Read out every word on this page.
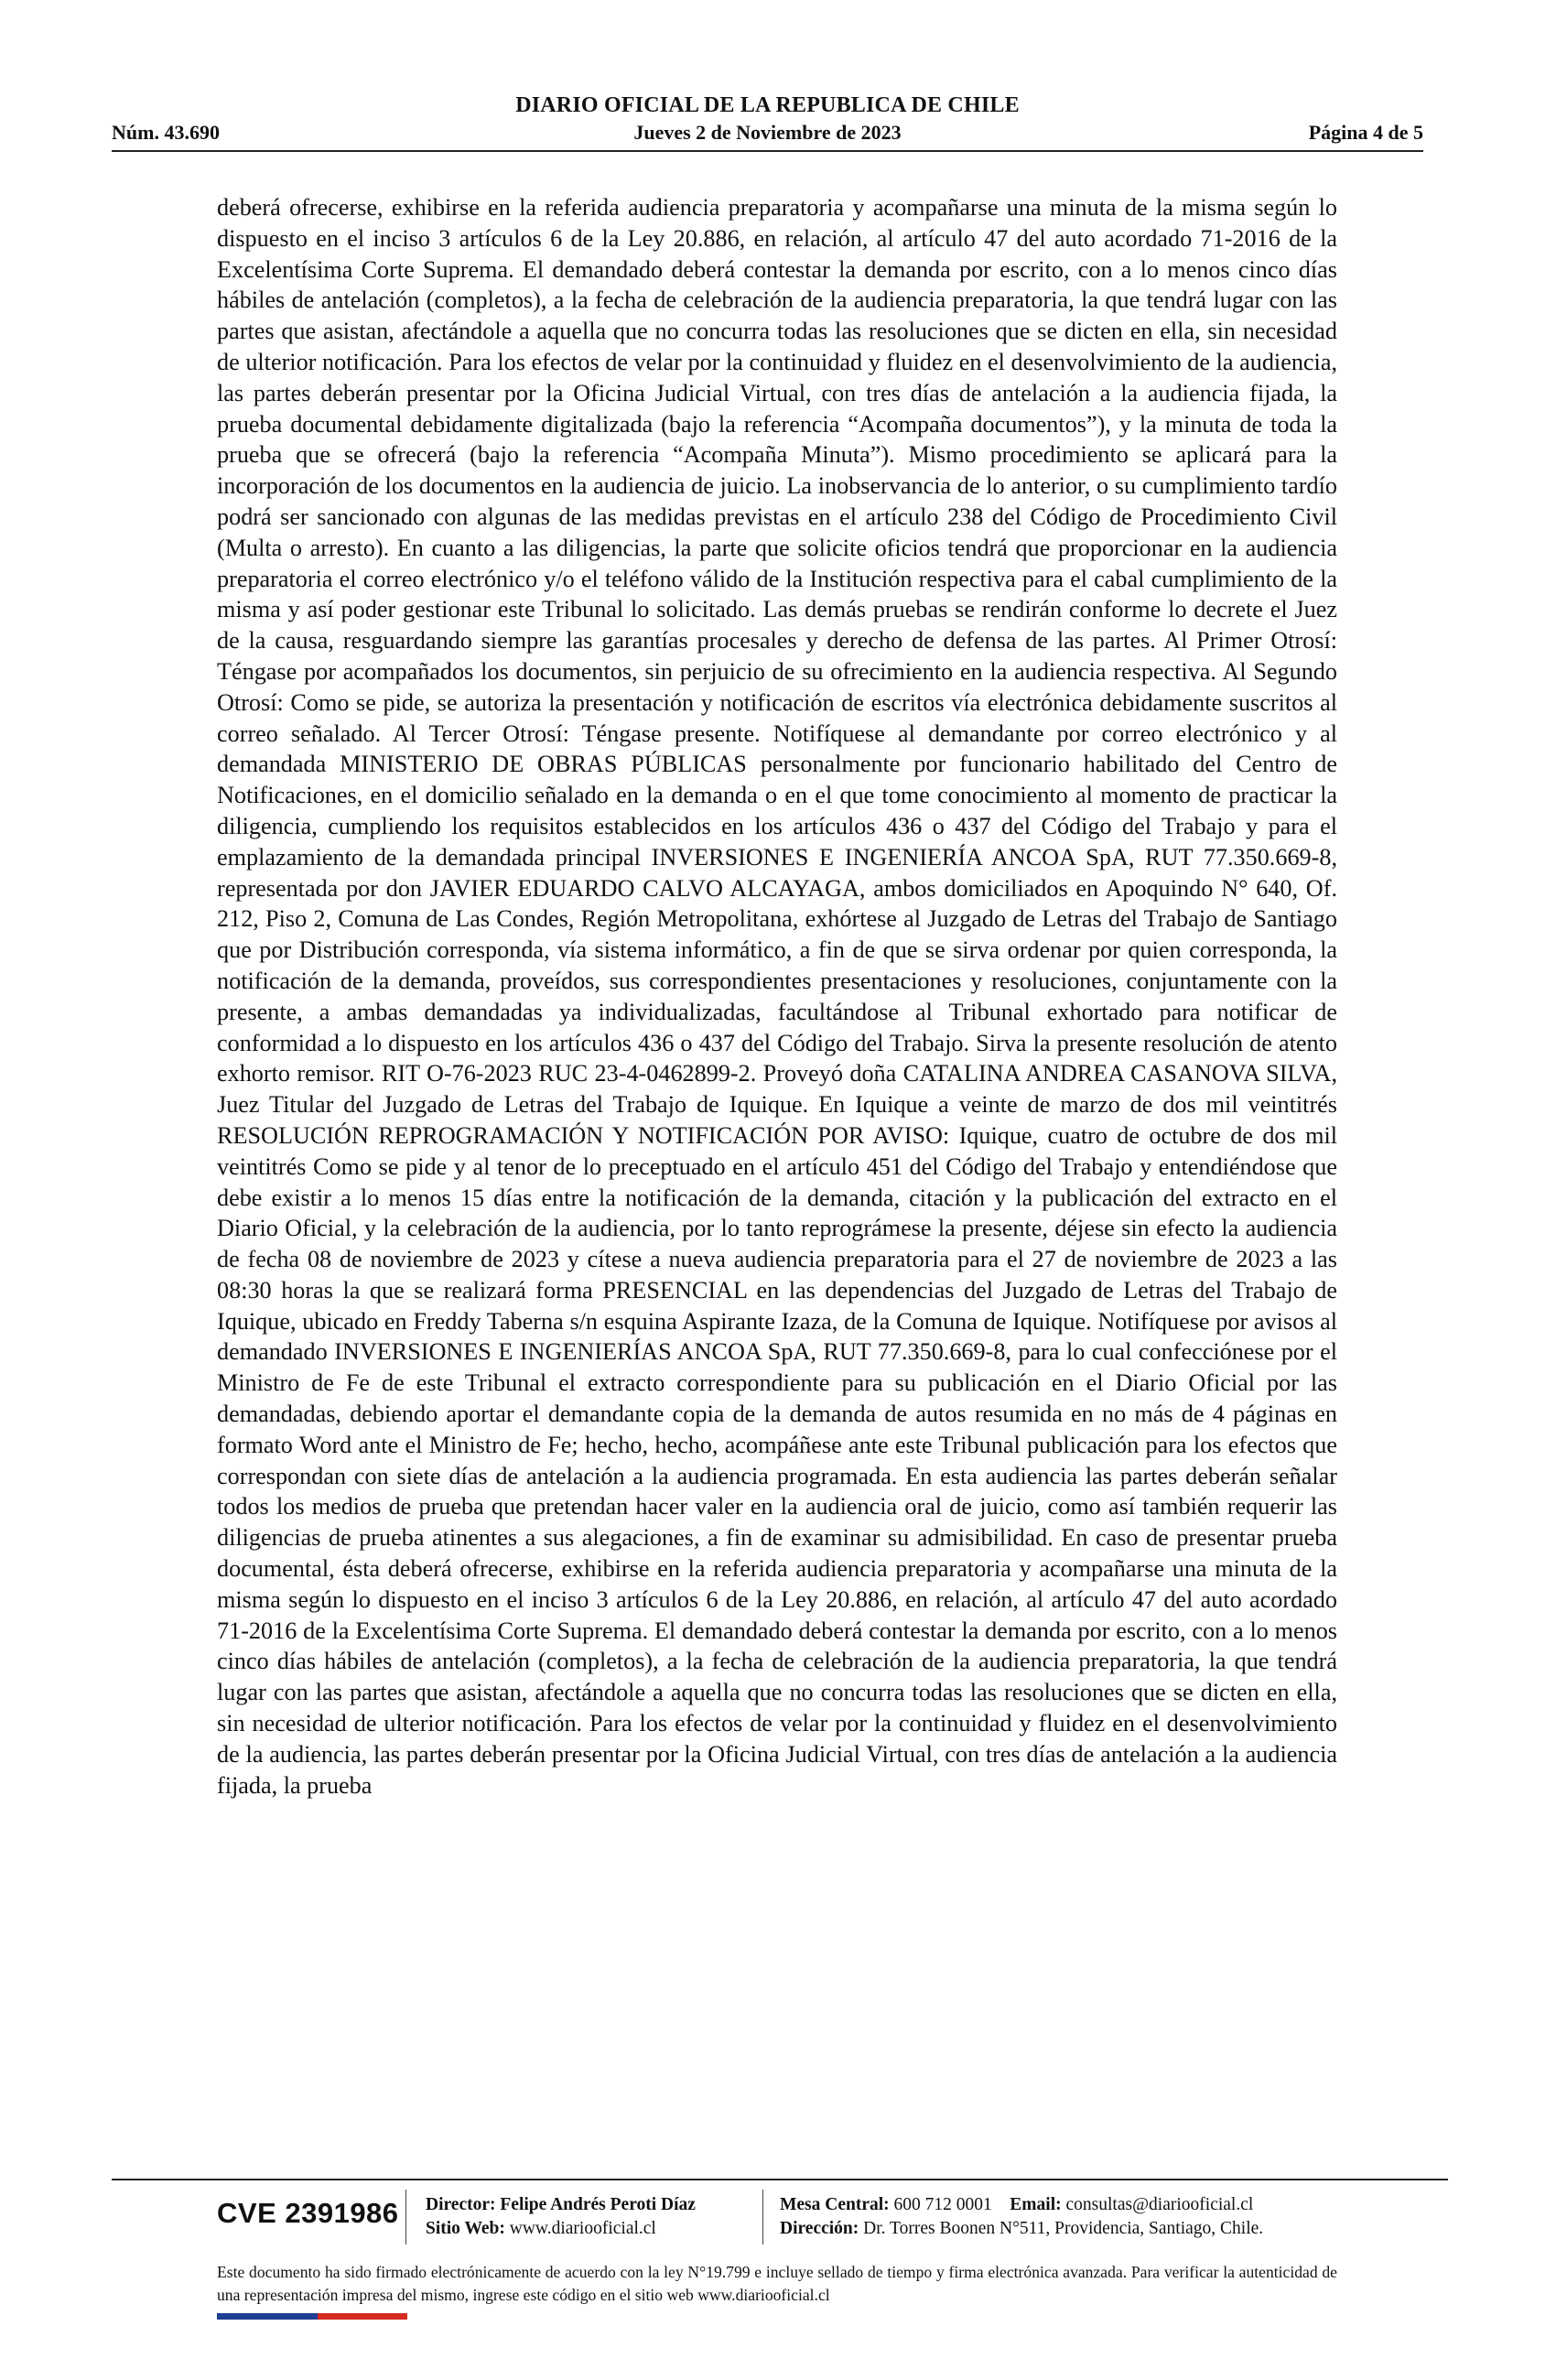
DIARIO OFICIAL DE LA REPUBLICA DE CHILE
Núm. 43.690	Jueves 2 de Noviembre de 2023	Página 4 de 5
deberá ofrecerse, exhibirse en la referida audiencia preparatoria y acompañarse una minuta de la misma según lo dispuesto en el inciso 3 artículos 6 de la Ley 20.886, en relación, al artículo 47 del auto acordado 71-2016 de la Excelentísima Corte Suprema. El demandado deberá contestar la demanda por escrito, con a lo menos cinco días hábiles de antelación (completos), a la fecha de celebración de la audiencia preparatoria, la que tendrá lugar con las partes que asistan, afectándole a aquella que no concurra todas las resoluciones que se dicten en ella, sin necesidad de ulterior notificación. Para los efectos de velar por la continuidad y fluidez en el desenvolvimiento de la audiencia, las partes deberán presentar por la Oficina Judicial Virtual, con tres días de antelación a la audiencia fijada, la prueba documental debidamente digitalizada (bajo la referencia “Acompaña documentos”), y la minuta de toda la prueba que se ofrecerá (bajo la referencia “Acompaña Minuta”). Mismo procedimiento se aplicará para la incorporación de los documentos en la audiencia de juicio. La inobservancia de lo anterior, o su cumplimiento tardío podrá ser sancionado con algunas de las medidas previstas en el artículo 238 del Código de Procedimiento Civil (Multa o arresto). En cuanto a las diligencias, la parte que solicite oficios tendrá que proporcionar en la audiencia preparatoria el correo electrónico y/o el teléfono válido de la Institución respectiva para el cabal cumplimiento de la misma y así poder gestionar este Tribunal lo solicitado. Las demás pruebas se rendirán conforme lo decrete el Juez de la causa, resguardando siempre las garantías procesales y derecho de defensa de las partes. Al Primer Otrosí: Téngase por acompañados los documentos, sin perjuicio de su ofrecimiento en la audiencia respectiva. Al Segundo Otrosí: Como se pide, se autoriza la presentación y notificación de escritos vía electrónica debidamente suscritos al correo señalado. Al Tercer Otrosí: Téngase presente. Notifíquese al demandante por correo electrónico y al demandada MINISTERIO DE OBRAS PÚBLICAS personalmente por funcionario habilitado del Centro de Notificaciones, en el domicilio señalado en la demanda o en el que tome conocimiento al momento de practicar la diligencia, cumpliendo los requisitos establecidos en los artículos 436 o 437 del Código del Trabajo y para el emplazamiento de la demandada principal INVERSIONES E INGENIERÍA ANCOA SpA, RUT 77.350.669-8, representada por don JAVIER EDUARDO CALVO ALCAYAGA, ambos domiciliados en Apoquindo N° 640, Of. 212, Piso 2, Comuna de Las Condes, Región Metropolitana, exhórtese al Juzgado de Letras del Trabajo de Santiago que por Distribución corresponda, vía sistema informático, a fin de que se sirva ordenar por quien corresponda, la notificación de la demanda, proveídos, sus correspondientes presentaciones y resoluciones, conjuntamente con la presente, a ambas demandadas ya individualizadas, facultándose al Tribunal exhortado para notificar de conformidad a lo dispuesto en los artículos 436 o 437 del Código del Trabajo. Sirva la presente resolución de atento exhorto remisor. RIT O-76-2023 RUC 23-4-0462899-2. Proveyó doña CATALINA ANDREA CASANOVA SILVA, Juez Titular del Juzgado de Letras del Trabajo de Iquique. En Iquique a veinte de marzo de dos mil veintitrés RESOLUCIÓN REPROGRAMACIÓN Y NOTIFICACIÓN POR AVISO: Iquique, cuatro de octubre de dos mil veintitrés Como se pide y al tenor de lo preceptuado en el artículo 451 del Código del Trabajo y entendiéndose que debe existir a lo menos 15 días entre la notificación de la demanda, citación y la publicación del extracto en el Diario Oficial, y la celebración de la audiencia, por lo tanto reprográmese la presente, déjese sin efecto la audiencia de fecha 08 de noviembre de 2023 y cítese a nueva audiencia preparatoria para el 27 de noviembre de 2023 a las 08:30 horas la que se realizará forma PRESENCIAL en las dependencias del Juzgado de Letras del Trabajo de Iquique, ubicado en Freddy Taberna s/n esquina Aspirante Izaza, de la Comuna de Iquique. Notifíquese por avisos al demandado INVERSIONES E INGENIERÍAS ANCOA SpA, RUT 77.350.669-8, para lo cual confecciónese por el Ministro de Fe de este Tribunal el extracto correspondiente para su publicación en el Diario Oficial por las demandadas, debiendo aportar el demandante copia de la demanda de autos resumida en no más de 4 páginas en formato Word ante el Ministro de Fe; hecho, hecho, acompáñese ante este Tribunal publicación para los efectos que correspondan con siete días de antelación a la audiencia programada. En esta audiencia las partes deberán señalar todos los medios de prueba que pretendan hacer valer en la audiencia oral de juicio, como así también requerir las diligencias de prueba atinentes a sus alegaciones, a fin de examinar su admisibilidad. En caso de presentar prueba documental, ésta deberá ofrecerse, exhibirse en la referida audiencia preparatoria y acompañarse una minuta de la misma según lo dispuesto en el inciso 3 artículos 6 de la Ley 20.886, en relación, al artículo 47 del auto acordado 71-2016 de la Excelentísima Corte Suprema. El demandado deberá contestar la demanda por escrito, con a lo menos cinco días hábiles de antelación (completos), a la fecha de celebración de la audiencia preparatoria, la que tendrá lugar con las partes que asistan, afectándole a aquella que no concurra todas las resoluciones que se dicten en ella, sin necesidad de ulterior notificación. Para los efectos de velar por la continuidad y fluidez en el desenvolvimiento de la audiencia, las partes deberán presentar por la Oficina Judicial Virtual, con tres días de antelación a la audiencia fijada, la prueba
CVE 2391986 Director: Felipe Andrés Peroti Díaz
Sitio Web: www.diariooficial.cl
Mesa Central: 600 712 0001 Email: consultas@diariooficial.cl
Dirección: Dr. Torres Boonen N°511, Providencia, Santiago, Chile.
Este documento ha sido firmado electrónicamente de acuerdo con la ley N°19.799 e incluye sellado de tiempo y firma electrónica avanzada. Para verificar la autenticidad de una representación impresa del mismo, ingrese este código en el sitio web www.diariooficial.cl
